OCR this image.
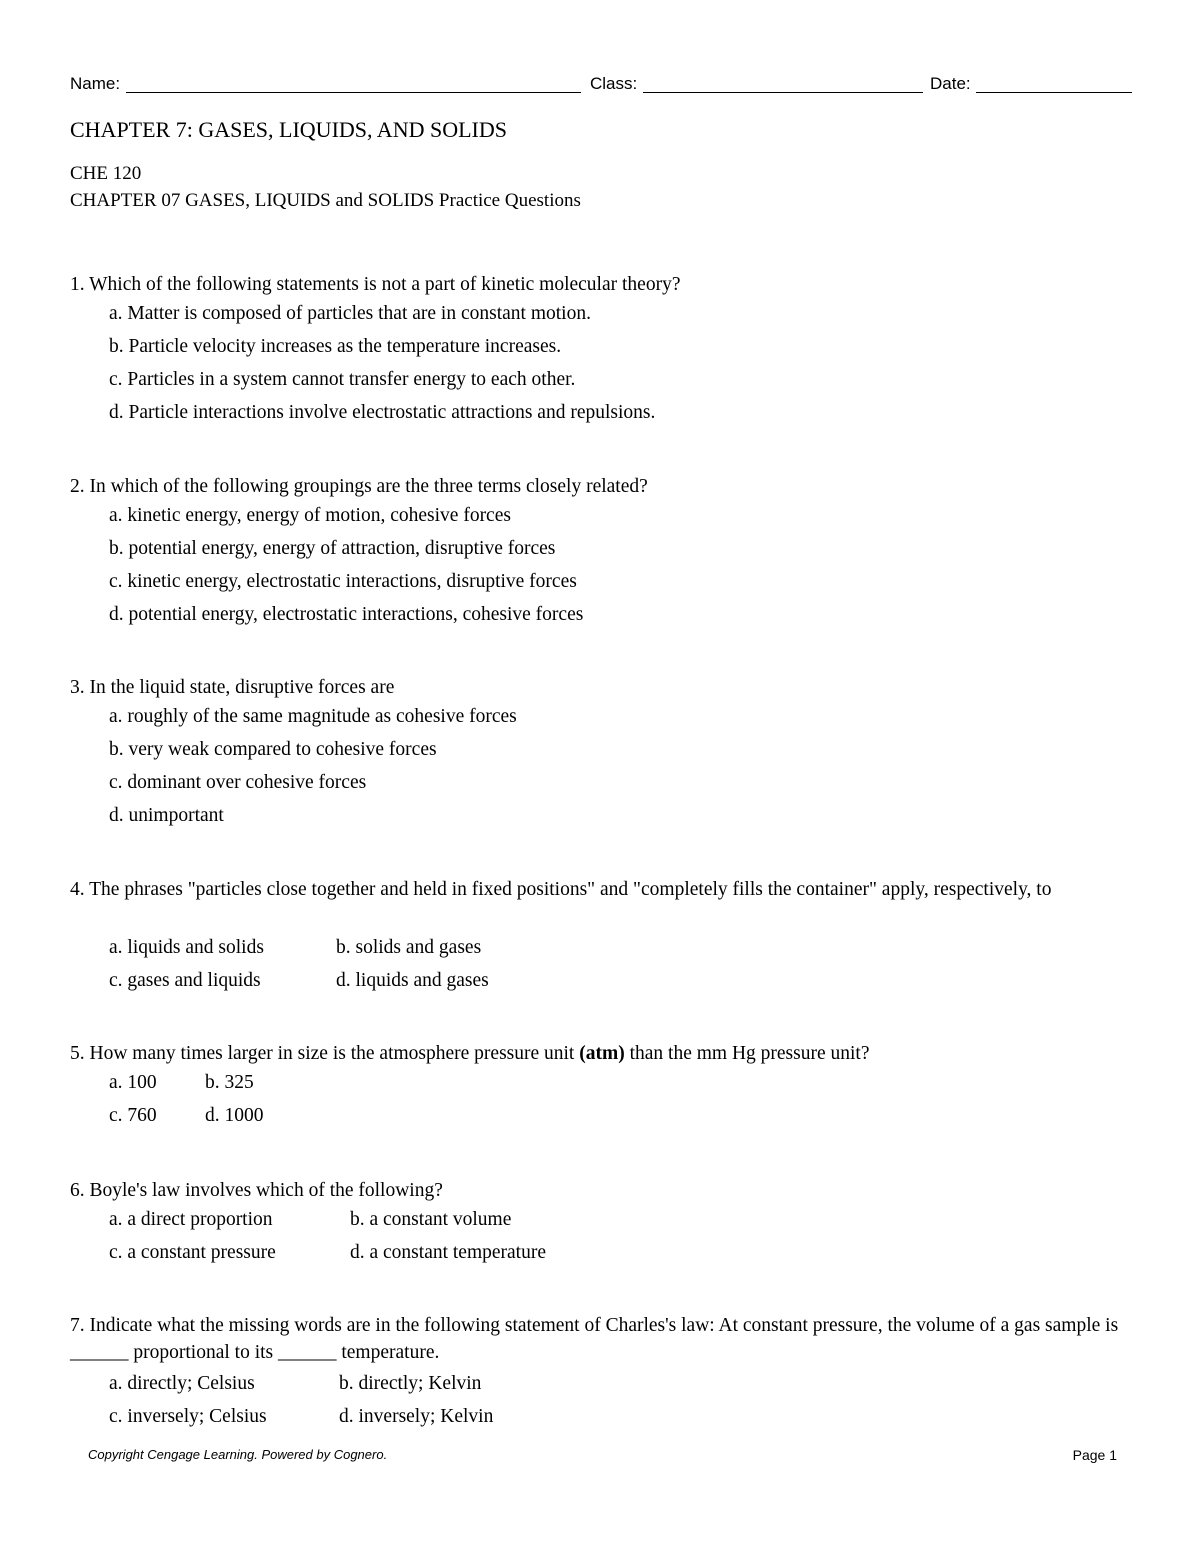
Name:	Class:	Date:
CHAPTER 7: GASES, LIQUIDS, AND SOLIDS
CHE 120
CHAPTER 07 GASES, LIQUIDS and SOLIDS Practice Questions
1. Which of the following statements is not a part of kinetic molecular theory?
a. Matter is composed of particles that are in constant motion.
b. Particle velocity increases as the temperature increases.
c. Particles in a system cannot transfer energy to each other.
d. Particle interactions involve electrostatic attractions and repulsions.
2. In which of the following groupings are the three terms closely related?
a. kinetic energy, energy of motion, cohesive forces
b. potential energy, energy of attraction, disruptive forces
c. kinetic energy, electrostatic interactions, disruptive forces
d. potential energy, electrostatic interactions, cohesive forces
3. In the liquid state, disruptive forces are
a. roughly of the same magnitude as cohesive forces
b. very weak compared to cohesive forces
c. dominant over cohesive forces
d. unimportant
4. The phrases "particles close together and held in fixed positions" and "completely fills the container" apply, respectively, to
a. liquids and solids	b. solids and gases
c. gases and liquids	d. liquids and gases
5. How many times larger in size is the atmosphere pressure unit (atm) than the mm Hg pressure unit?
a. 100 b. 325
c. 760 d. 1000
6. Boyle's law involves which of the following?
a. a direct proportion	b. a constant volume
c. a constant pressure	d. a constant temperature
7. Indicate what the missing words are in the following statement of Charles's law: At constant pressure, the volume of a gas sample is ______ proportional to its ______ temperature.
a. directly; Celsius	b. directly; Kelvin
c. inversely; Celsius	d. inversely; Kelvin
Copyright Cengage Learning. Powered by Cognero.	Page 1
